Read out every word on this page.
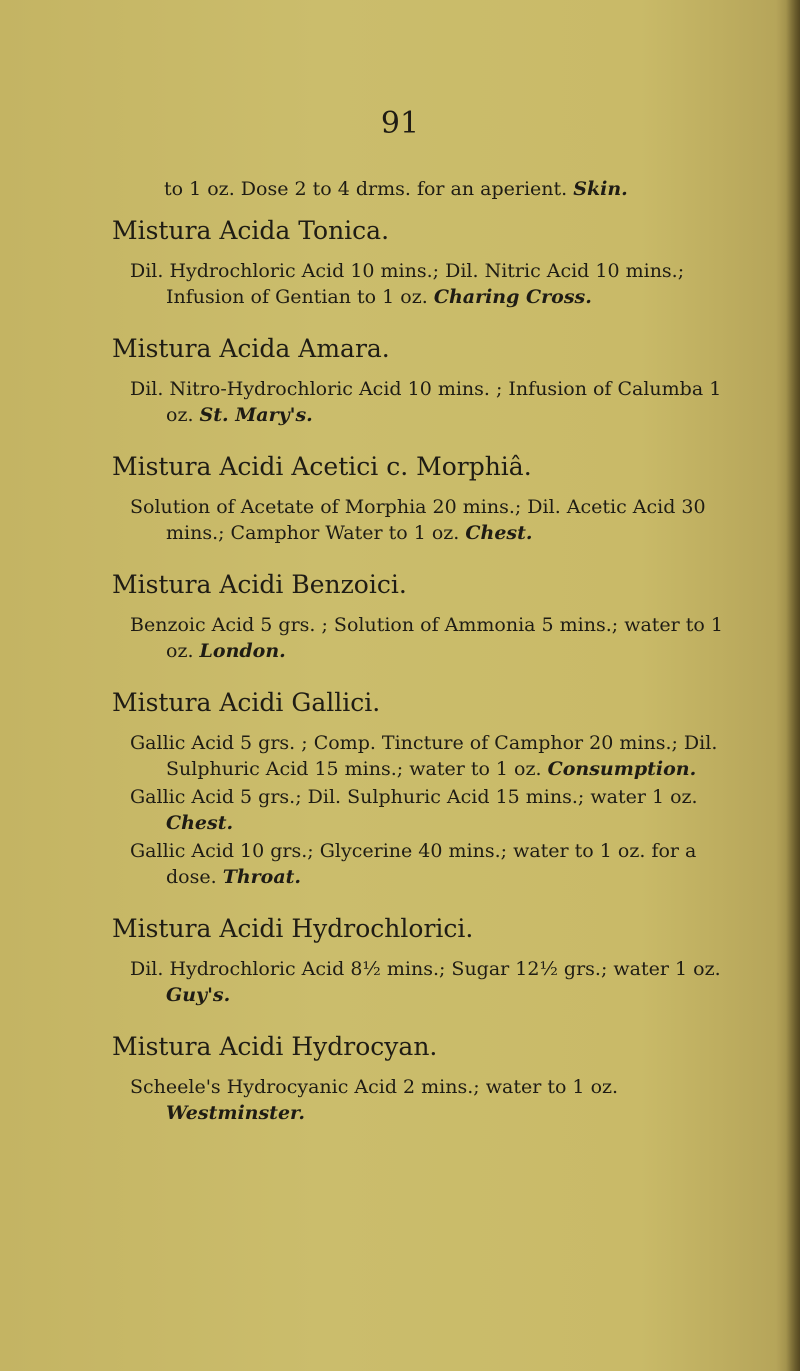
91

to 1 oz. Dose 2 to 4 drms. for an aperient. Skin.

Mistura Acida Tonica.

Dil. Hydrochloric Acid 10 mins.; Dil. Nitric Acid 10 mins.; Infusion of Gentian to 1 oz. Charing Cross.

Mistura Acida Amara.

Dil. Nitro-Hydrochloric Acid 10 mins. ; Infusion of Calumba 1 oz. St. Mary's.

Mistura Acidi Acetici c. Morphiâ.

Solution of Acetate of Morphia 20 mins.; Dil. Acetic Acid 30 mins.; Camphor Water to 1 oz. Chest.

Mistura Acidi Benzoici.

Benzoic Acid 5 grs. ; Solution of Ammonia 5 mins.; water to 1 oz. London.

Mistura Acidi Gallici.

Gallic Acid 5 grs. ; Comp. Tincture of Camphor 20 mins.; Dil. Sulphuric Acid 15 mins.; water to 1 oz. Consumption.

Gallic Acid 5 grs.; Dil. Sulphuric Acid 15 mins.; water 1 oz. Chest.

Gallic Acid 10 grs.; Glycerine 40 mins.; water to 1 oz. for a dose. Throat.

Mistura Acidi Hydrochlorici.

Dil. Hydrochloric Acid 8½ mins.; Sugar 12½ grs.; water 1 oz. Guy's.

Mistura Acidi Hydrocyan.

Scheele's Hydrocyanic Acid 2 mins.; water to 1 oz. Westminster.
